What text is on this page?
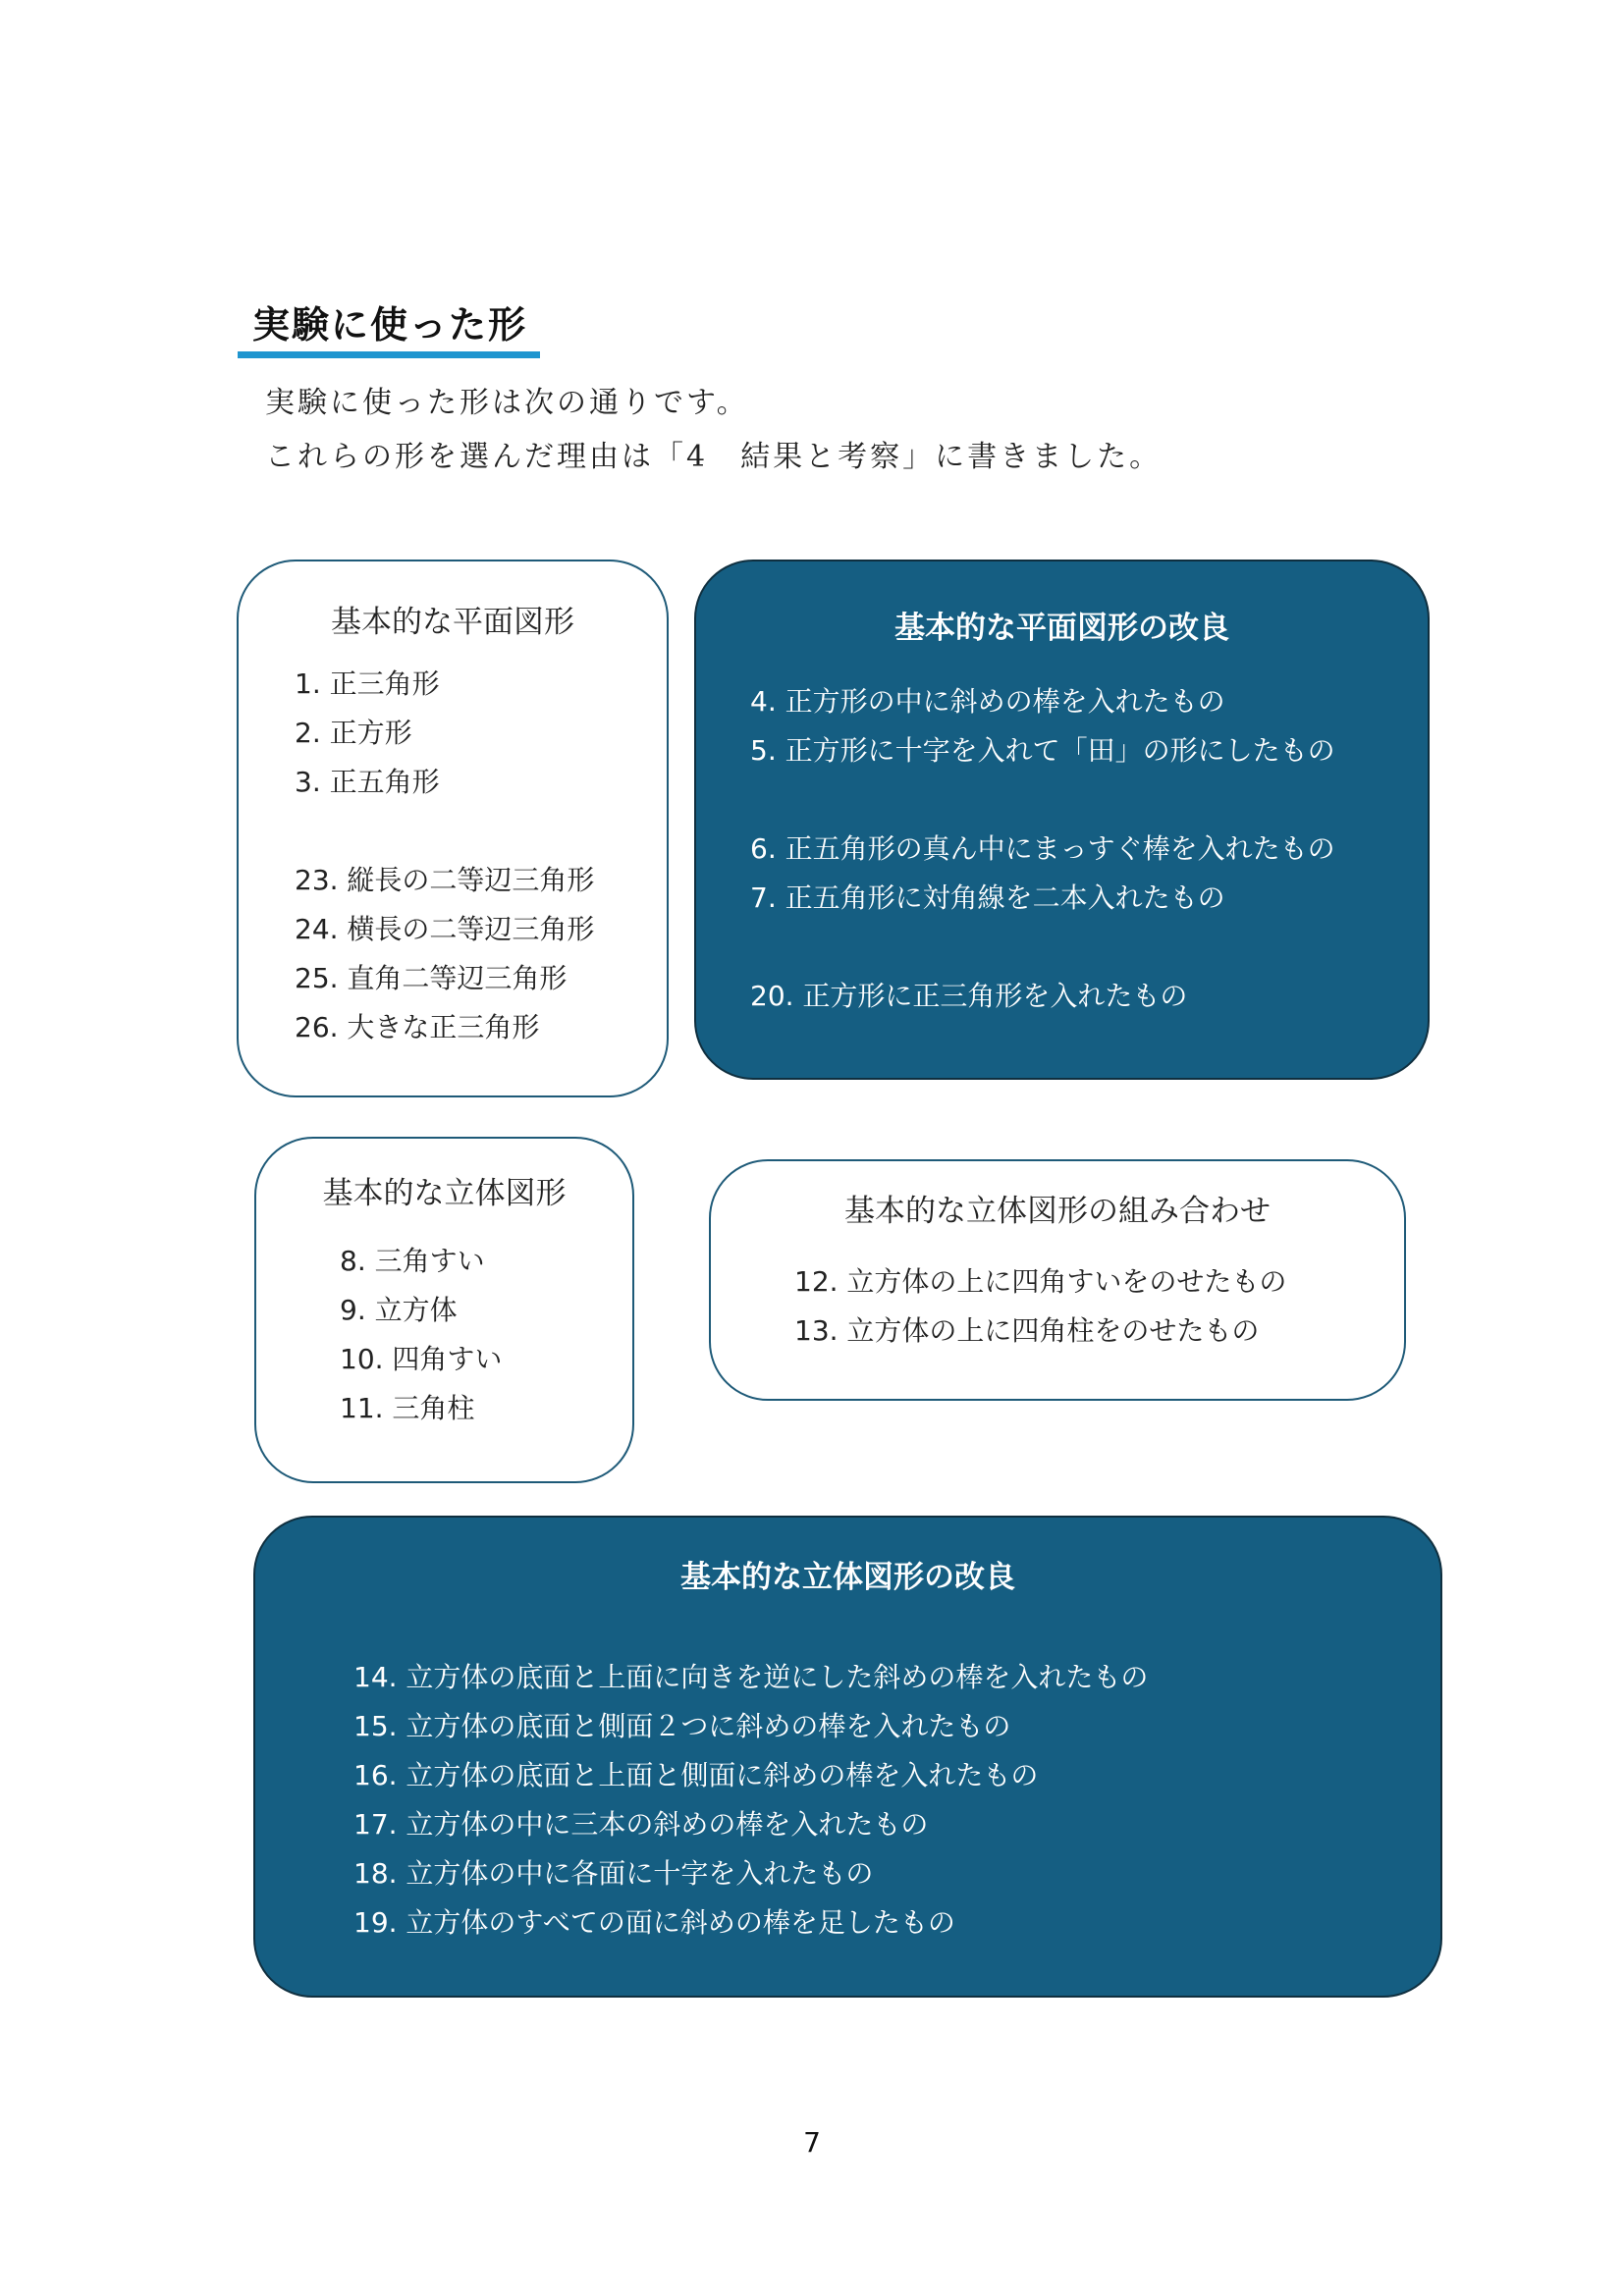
実験に使った形
実験に使った形は次の通りです。
これらの形を選んだ理由は「4　結果と考察」に書きました。
基本的な平面図形
1. 正三角形
2. 正方形
3. 正五角形
23. 縦長の二等辺三角形
24. 横長の二等辺三角形
25. 直角二等辺三角形
26. 大きな正三角形
基本的な平面図形の改良
4. 正方形の中に斜めの棒を入れたもの
5. 正方形に十字を入れて「田」の形にしたもの
6. 正五角形の真ん中にまっすぐ棒を入れたもの
7. 正五角形に対角線を二本入れたもの
20. 正方形に正三角形を入れたもの
基本的な立体図形
8. 三角すい
9. 立方体
10. 四角すい
11. 三角柱
基本的な立体図形の組み合わせ
12. 立方体の上に四角すいをのせたもの
13. 立方体の上に四角柱をのせたもの
基本的な立体図形の改良
14. 立方体の底面と上面に向きを逆にした斜めの棒を入れたもの
15. 立方体の底面と側面２つに斜めの棒を入れたもの
16. 立方体の底面と上面と側面に斜めの棒を入れたもの
17. 立方体の中に三本の斜めの棒を入れたもの
18. 立方体の中に各面に十字を入れたもの
19. 立方体のすべての面に斜めの棒を足したもの
7
